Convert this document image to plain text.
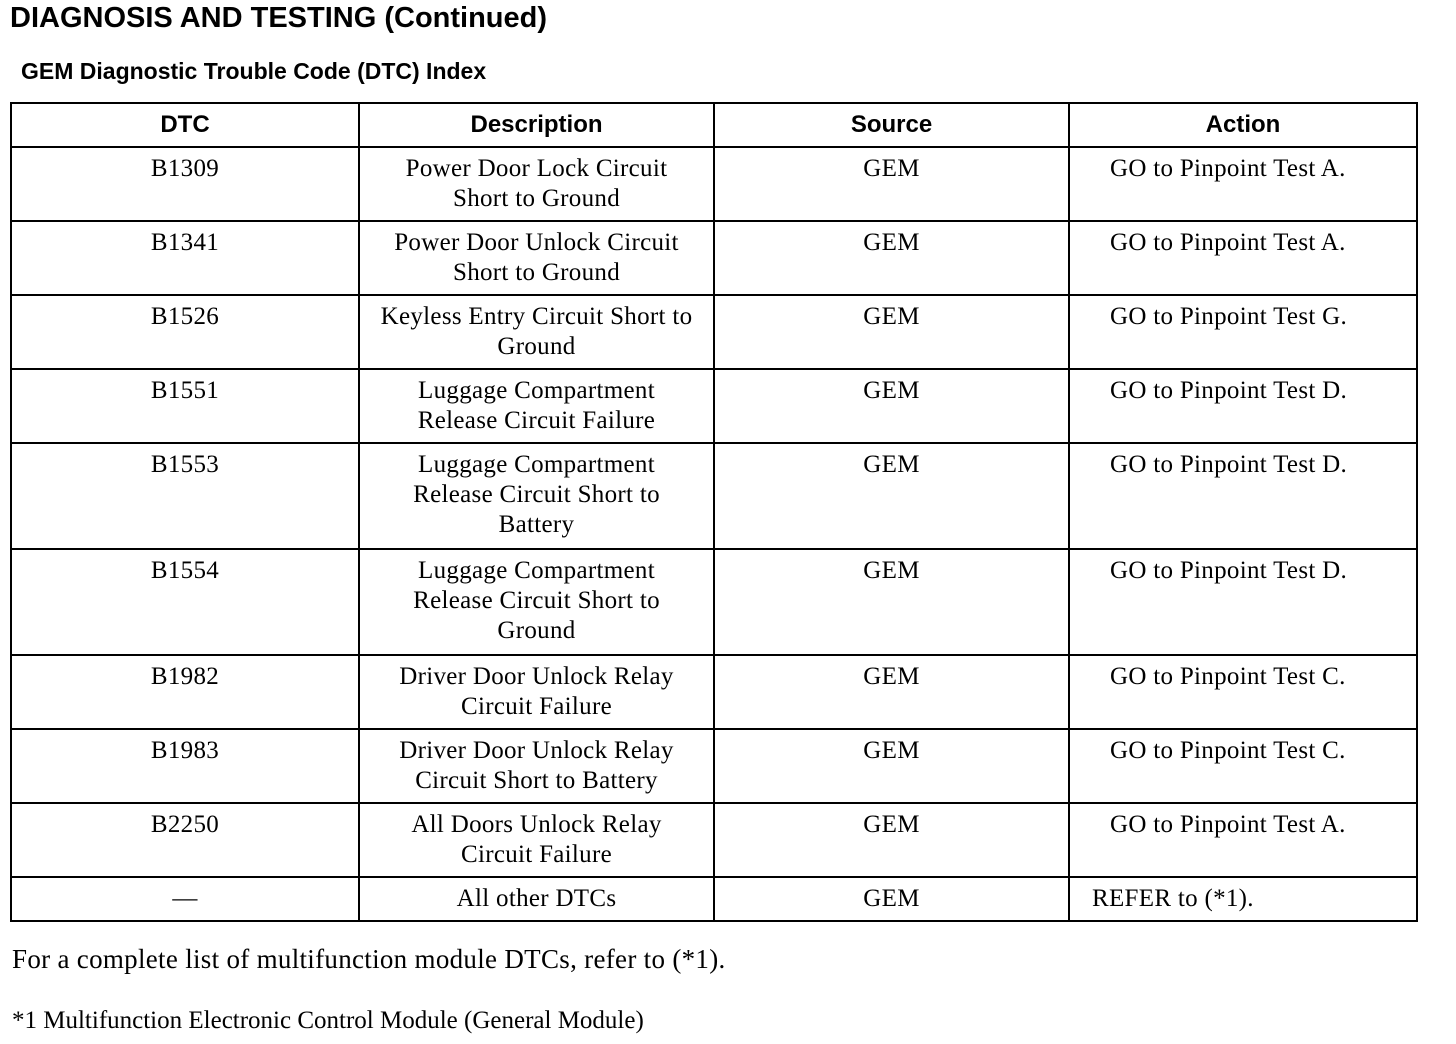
DIAGNOSIS AND TESTING (Continued)
GEM Diagnostic Trouble Code (DTC) Index
DTC	Description	Source	Action
B1309	Power Door Lock Circuit Short to Ground	GEM	GO to Pinpoint Test A.
B1341	Power Door Unlock Circuit Short to Ground	GEM	GO to Pinpoint Test A.
B1526	Keyless Entry Circuit Short to Ground	GEM	GO to Pinpoint Test G.
B1551	Luggage Compartment Release Circuit Failure	GEM	GO to Pinpoint Test D.
B1553	Luggage Compartment Release Circuit Short to Battery	GEM	GO to Pinpoint Test D.
B1554	Luggage Compartment Release Circuit Short to Ground	GEM	GO to Pinpoint Test D.
B1982	Driver Door Unlock Relay Circuit Failure	GEM	GO to Pinpoint Test C.
B1983	Driver Door Unlock Relay Circuit Short to Battery	GEM	GO to Pinpoint Test C.
B2250	All Doors Unlock Relay Circuit Failure	GEM	GO to Pinpoint Test A.
—	All other DTCs	GEM	REFER to (*1).
For a complete list of multifunction module DTCs, refer to (*1).
*1 Multifunction Electronic Control Module (General Module)
